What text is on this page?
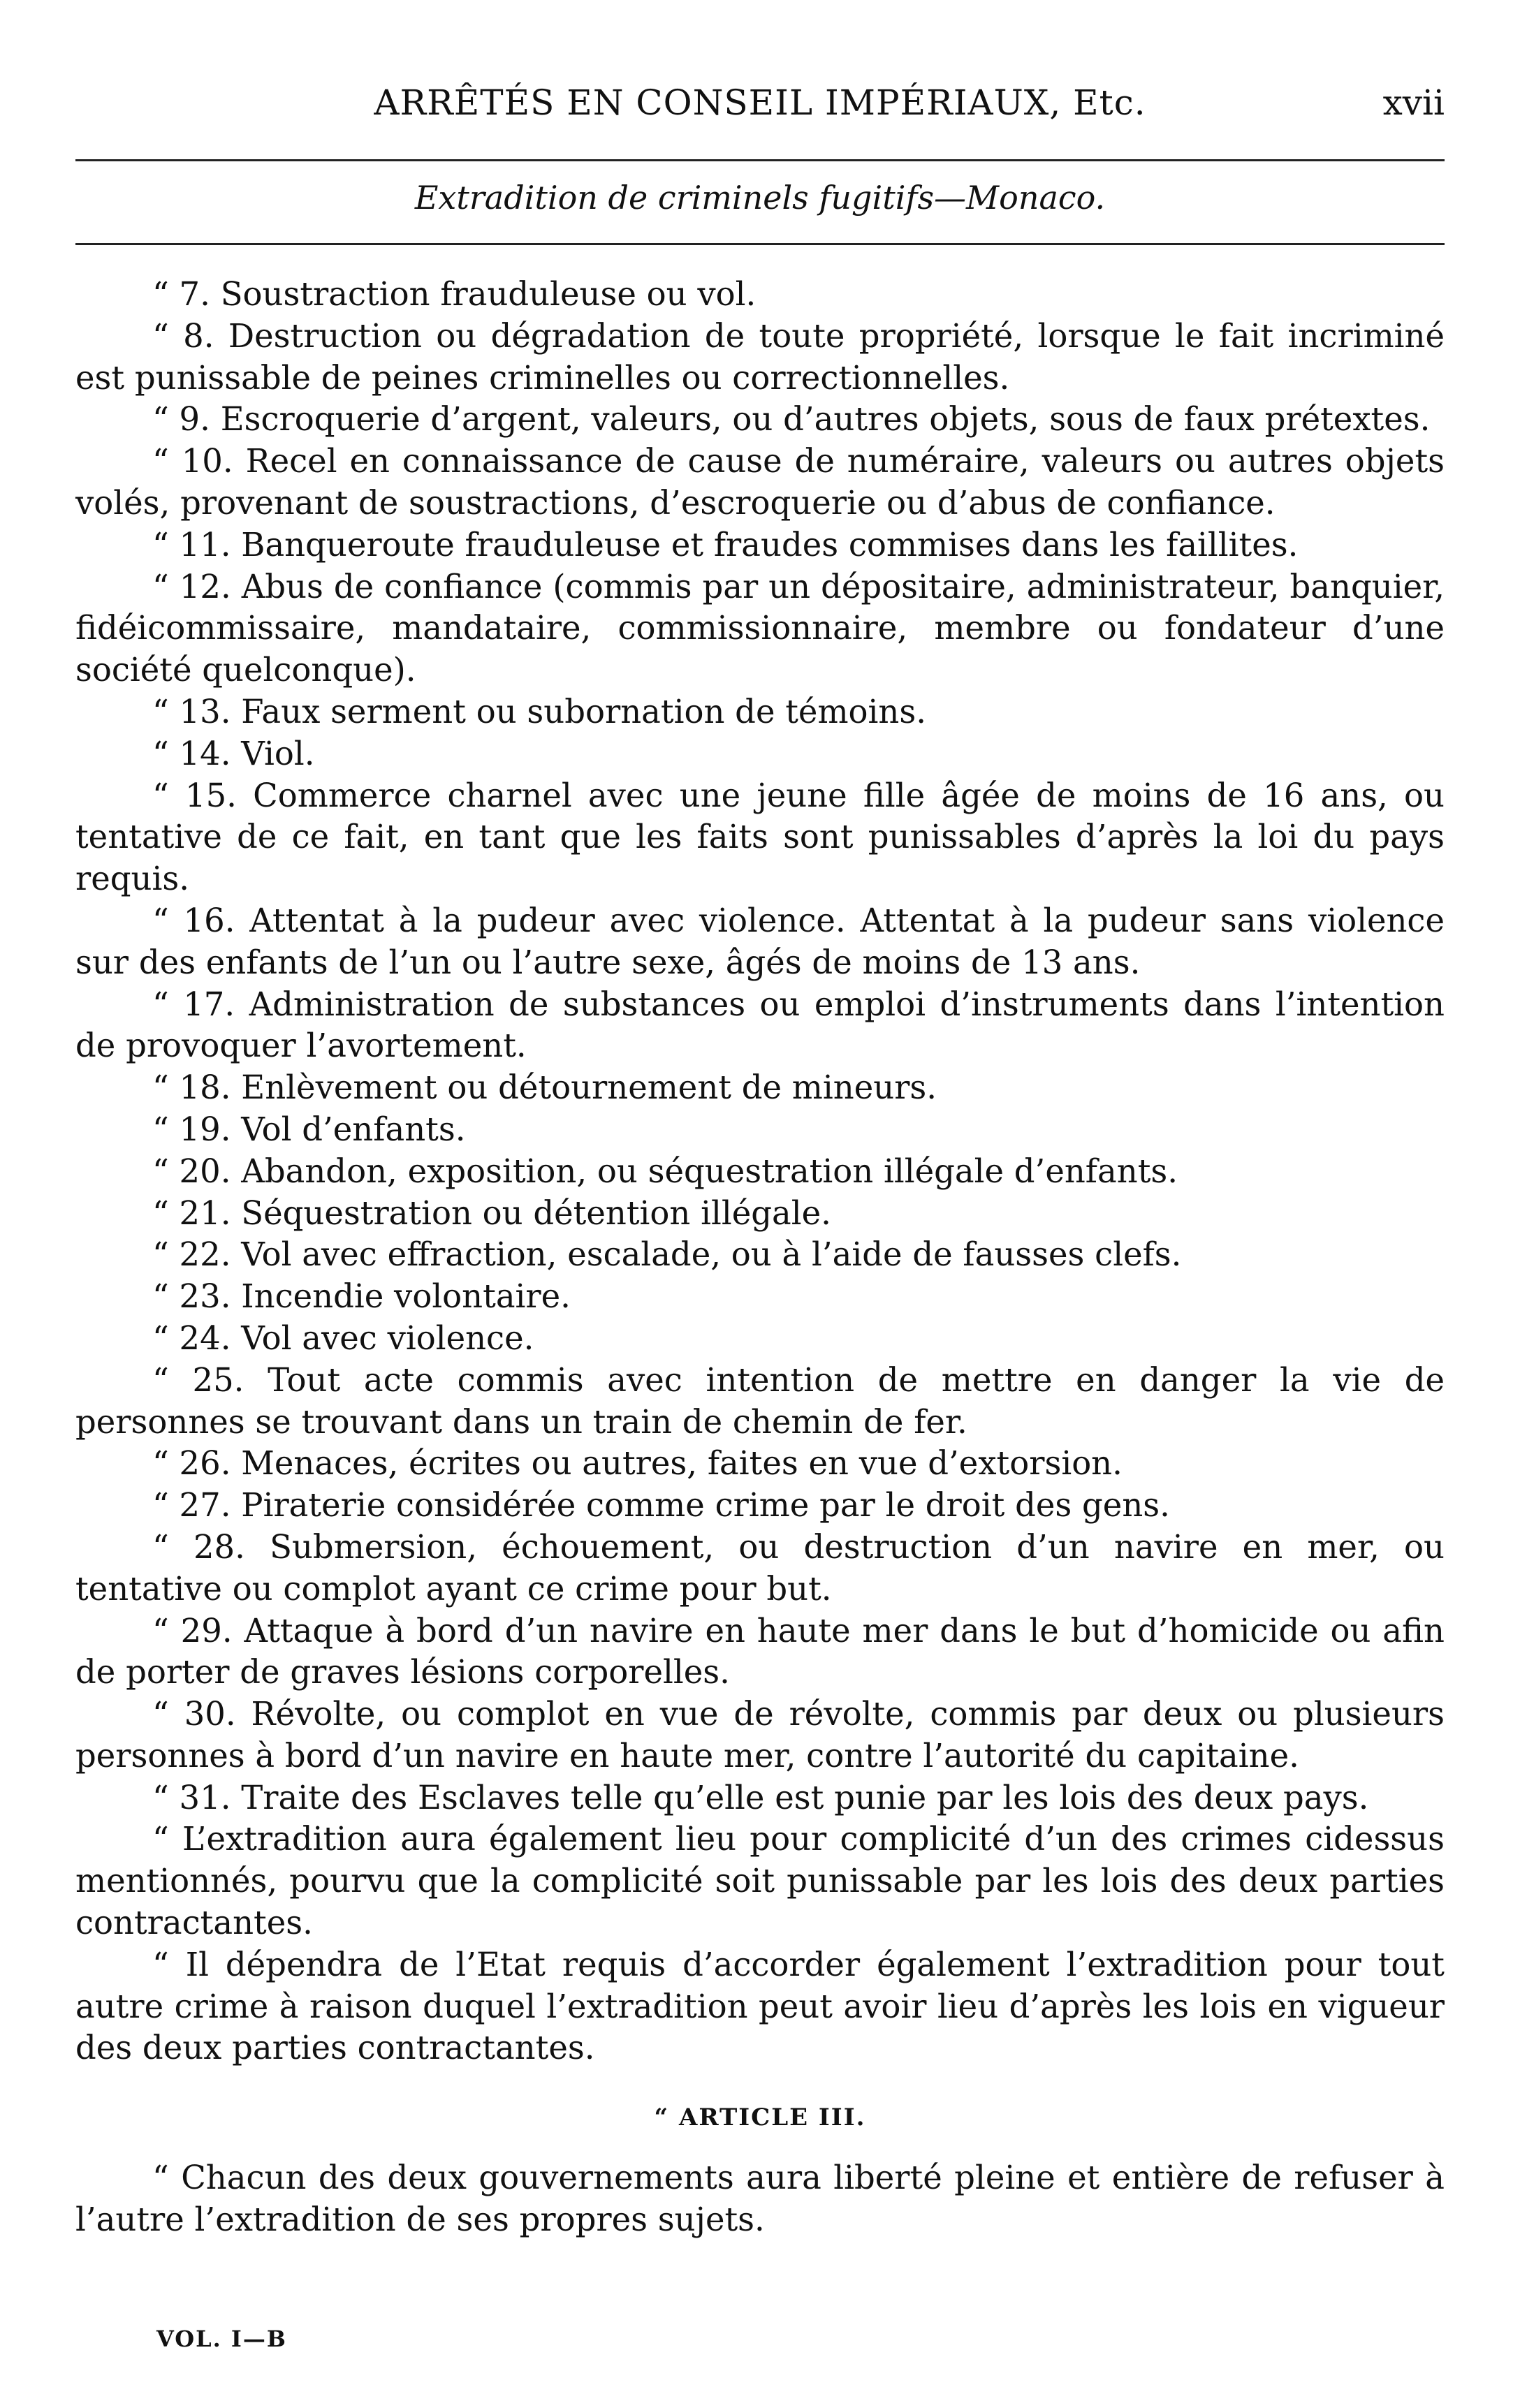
ARRÊTÉS EN CONSEIL IMPÉRIAUX, Etc.	xvii
Extradition de criminels fugitifs—Monaco.

“ 7. Soustraction frauduleuse ou vol.

“ 8. Destruction ou dégradation de toute propriété, lorsque le fait incriminé est punissable de peines criminelles ou correctionnelles.

“ 9. Escroquerie d’argent, valeurs, ou d’autres objets, sous de faux prétextes.

“ 10. Recel en connaissance de cause de numéraire, valeurs ou autres objets volés, provenant de soustractions, d’escroquerie ou d’abus de confiance.

“ 11. Banqueroute frauduleuse et fraudes commises dans les faillites.

“ 12. Abus de confiance (commis par un dépositaire, administrateur, banquier, fidéicommissaire, mandataire, commissionnaire, membre ou fondateur d’une société quelconque).

“ 13. Faux serment ou subornation de témoins.

“ 14. Viol.

“ 15. Commerce charnel avec une jeune fille âgée de moins de 16 ans, ou tentative de ce fait, en tant que les faits sont punissables d’après la loi du pays requis.

“ 16. Attentat à la pudeur avec violence. Attentat à la pudeur sans violence sur des enfants de l’un ou l’autre sexe, âgés de moins de 13 ans.

“ 17. Administration de substances ou emploi d’instruments dans l’intention de provoquer l’avortement.

“ 18. Enlèvement ou détournement de mineurs.

“ 19. Vol d’enfants.

“ 20. Abandon, exposition, ou séquestration illégale d’enfants.

“ 21. Séquestration ou détention illégale.

“ 22. Vol avec effraction, escalade, ou à l’aide de fausses clefs.

“ 23. Incendie volontaire.

“ 24. Vol avec violence.

“ 25. Tout acte commis avec intention de mettre en danger la vie de personnes se trouvant dans un train de chemin de fer.

“ 26. Menaces, écrites ou autres, faites en vue d’extorsion.

“ 27. Piraterie considérée comme crime par le droit des gens.

“ 28. Submersion, échouement, ou destruction d’un navire en mer, ou tentative ou complot ayant ce crime pour but.

“ 29. Attaque à bord d’un navire en haute mer dans le but d’homicide ou afin de porter de graves lésions corporelles.

“ 30. Révolte, ou complot en vue de révolte, commis par deux ou plusieurs personnes à bord d’un navire en haute mer, contre l’autorité du capitaine.

“ 31. Traite des Esclaves telle qu’elle est punie par les lois des deux pays.

“ L’extradition aura également lieu pour complicité d’un des crimes cidessus mentionnés, pourvu que la complicité soit punissable par les lois des deux parties contractantes.

“ Il dépendra de l’Etat requis d’accorder également l’extradition pour tout autre crime à raison duquel l’extradition peut avoir lieu d’après les lois en vigueur des deux parties contractantes.

“ ARTICLE III.

“ Chacun des deux gouvernements aura liberté pleine et entière de refuser à l’autre l’extradition de ses propres sujets.

VOL. I—B
